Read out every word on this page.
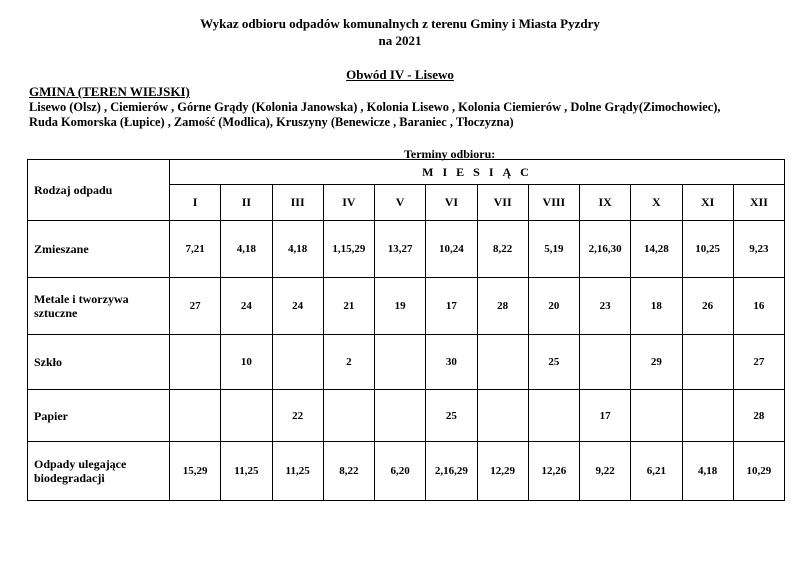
Wykaz odbioru odpadów komunalnych z terenu Gminy i Miasta Pyzdry
na 2021
Obwód IV - Lisewo
GMINA (TEREN WIEJSKI)
Lisewo (Olsz) , Ciemierów , Górne Grądy (Kolonia Janowska) , Kolonia Lisewo , Kolonia Ciemierów , Dolne Grądy(Zimochowiec),
Ruda Komorska (Łupice) , Zamość (Modlica), Kruszyny (Benewicze , Baraniec , Tłoczyzna)
Terminy odbioru:
Rodzaj odpadu	M I E S I Ą C											
	I	II	III	IV	V	VI	VII	VIII	IX	X	XI	XII
Zmieszane	7,21	4,18	4,18	1,15,29	13,27	10,24	8,22	5,19	2,16,30	14,28	10,25	9,23
Metale i tworzywa sztuczne	27	24	24	21	19	17	28	20	23	18	26	16
Szkło		10		2		30		25		29		27
Papier			22			25			17			28
Odpady ulegające biodegradacji	15,29	11,25	11,25	8,22	6,20	2,16,29	12,29	12,26	9,22	6,21	4,18	10,29
